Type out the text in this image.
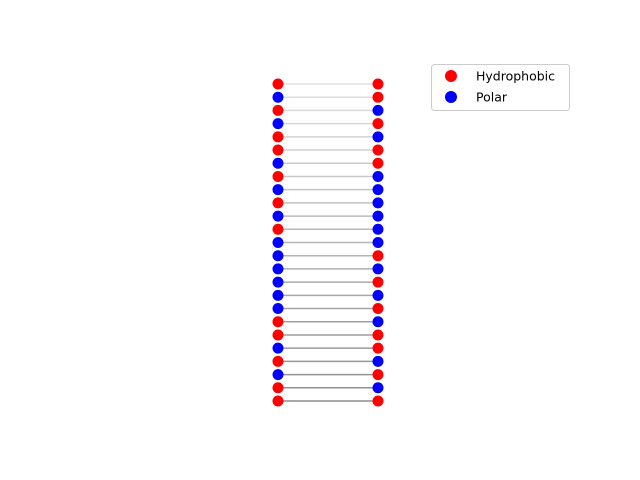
Hydrophobic
Polar
